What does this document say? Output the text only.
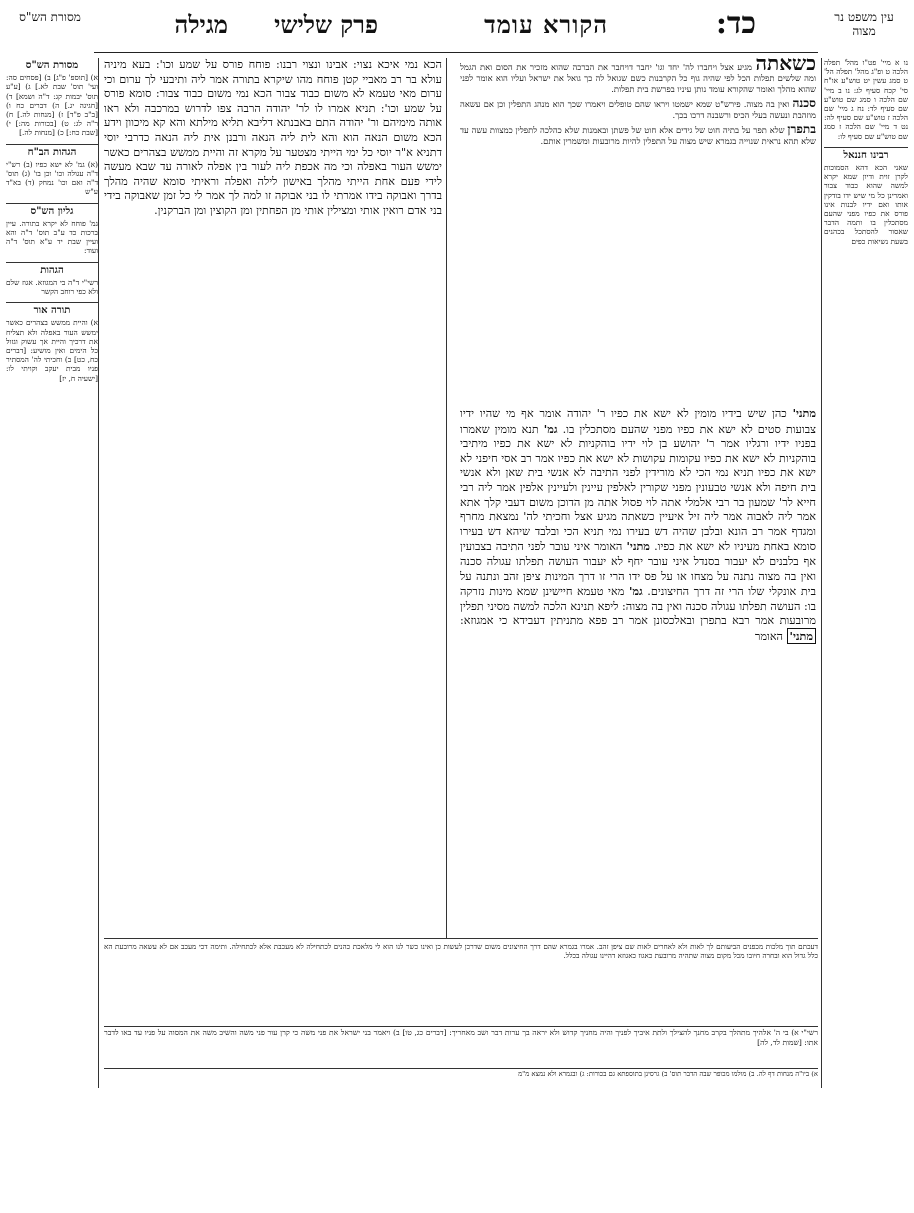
עין משפט נר מצוה
כד:
הקורא עומד
פרק שלישי
מגילה
מסורת הש"ס

נו א מיי' פט"ו מהל' תפלה הלכה ט ופ"ג מהל' תפלה הל' ט סמג עשין יט טוש"ע או"ח סי' קכח סעיף לג: נו ב מיי' שם הלכה ו סמג שם טוש"ע שם סעיף לד: נח ג מיי' שם הלכה ז טוש"ע שם סעיף לה: נט ד מיי' שם הלכה ז סמג שם טוש"ע שם סעיף לו:

רבינו חננאל

שאני הכא דהא הסמוכות לקרן זוית ודיון שמא יקרא למשה שהוא כבוד צבור ואמרינן כל מי שיש ידו בודקין אותו ואם ידיו לבנות אינו פורס את כפיו מפני שהעם מסתכלין בו ותמה הדבר שאסור להסתכל בכהנים בשעת נשיאות כפים

מסורת הש"ס

א) [תוספ' פ"ג] ב) [פסחים סה: ועי' תוס' שבת לא.] ג) [ע"ע תוס' יבמות קג: ד"ה ושמא] ד) [חגיגה יג.] ה) דברים כח ו) [ב"ב פ"ד] ז) [מנחות לה.] ח) ר"ה לג: ט) [בכורות מה:] י) [שבת כח:] כ) [מנחות לה.]

הגהות הב"ח

(א) גמ' לא ישא כפיו (ב) רש"י ד"ה עגולה וכו' וכן בו' (ג) תוס' ד"ה ואם וכו' נמחק (ד) בא"ד ע"ש

גליון הש"ס

גמ' פוחח לא יקרא בתורה. עיין ברכות כד ע"ב תוס' ד"ה והא ועיין שבת יד ע"א תוס' ד"ה ועוד:

הגהות

רשי"י ד"ה בי המגוזא. אגוז שלם ולא כפי רוחב הקשר

תורה אור

א) והיית ממשש בצהרים כאשר ימשש העור באפלה ולא תצליח את דרכיך והיית אך עשוק וגזול כל הימים ואין מושיע: [דברים כח, כט] ב) וחכיתי לה' המסתיר פניו מבית יעקב וקויתי לו: [ישעיה ח, יז]

כשאתה מגיע אצל ויחברו לה' יחד וגו' יחבר דויחבר את הברכה שהוא מזכיר את הסום ואת הגמל ומה שלשים תפלות הכל לפי שהיה גוף כל הקרבנות כשם שגואל לה כך גואל את ישראל ועליו הוא אומר לפני שהוא מהלך ואומר שהקורא עומד נותן עיניו בפרשת בית תפלות.

סכנה ואין בה מצוה. פירש"ט שמא ישמטו ויראו שהם טופלים ויאמרו שכך הוא מנהג התפלין וכן אם עשאה מוזהבת ונעשה בעלי הכיס ורשבנה דרכו בכך.

בתפרן שלא תפר על בתיה חוט של גידים אלא חוט של פשתן ובאמנות שלא כהלכה לתפלין כמצוות עשה עד שלא תהא נראית שנוייה בגמרא שיש מצוה על התפלין להיות מרובעות ומשמרין אותם.

מתני' כהן שיש בידיו מומין לא ישא את כפיו ר' יהודה אומר אף מי שהיו ידיו צבועות סטים לא ישא את כפיו מפני שהעם מסתכלין בו. גמ' תנא מומין שאמרו בפניו ידיו ורגליו אמר ר' יהושע בן לוי ידיו בוהקניות לא ישא את כפיו מיתיבי בוהקניות לא ישא את כפיו עקומות עקושות לא ישא את כפיו אמר רב אסי חיפני לא ישא את כפיו תניא נמי הכי לא מורידין לפני התיבה לא אנשי בית שאן ולא אנשי בית חיפה ולא אנשי טבעונין מפני שקורין לאלפין עיינין ולעיינין אלפין אמר ליה רבי חייא לר' שמעון בר רבי אלמלי אתה לוי פסול אתה מן הדוכן משום דעבי קלך אתא אמר ליה לאבוה אמר ליה זיל איעיין כשאתה מגיע אצל וחכיתי לה' נמצאת מחרף ומגדף אמר רב הונא ובלבן שהיה דש בעירו נמי תניא הכי ובלבד שיהא דש בעירו סומא באחת מעיניו לא ישא את כפיו. מתני' האומר איני עובר לפני התיבה בצבועין אף בלבנים לא יעבור בסנדל איני עובר יחף לא יעבור העושה תפלתו עגולה סכנה ואין בה מצוה נתנה על מצחו או על פס ידו הרי זו דרך המינות ציפן זהב ונתנה על בית אונקלי שלו הרי זה דרך החיצונים. גמ' מאי טעמא חיישינן שמא מינות נזרקה בו: העושה תפלתו עגולה סכנה ואין בה מצוה: ליפא תנינא הלכה למשה מסיני תפלין מרובעות אמר רבא בתפרן ובאלכסונן אמר רב פפא מתניתין דעבידא כי אמגוזא: מתני' האומר

הכא נמי איכא נצוי: אבינו ונצוי רבנו: פוחח פורס על שמע וכו': בעא מיניה עולא בר רב מאביי קטן פוחח מהו שיקרא בתורה אמר ליה ותיבעי לך ערום וכי ערום מאי טעמא לא משום כבוד צבור הכא נמי משום כבוד צבור: סומא פורס על שמע וכו': תניא אמרו לו לר' יהודה הרבה צפו לדרוש במרכבה ולא ראו אותה מימיהם ור' יהודה התם באבנתא דליבא תליא מילתא והא קא מיכוון וידע הכא משום הנאה הוא והא לית ליה הנאה ורבנן אית ליה הנאה כדרבי יוסי דתניא א"ר יוסי כל ימי הייתי מצטער על מקרא זה והיית ממשש בצהרים כאשר ימשש העור באפלה וכי מה אכפת ליה לעור בין אפלה לאורה עד שבא מעשה לידי פעם אחת הייתי מהלך באישון לילה ואפלה וראיתי סומא שהיה מהלך בדרך ואבוקה בידו אמרתי לו בני אבוקה זו למה לך אמר לי כל זמן שאבוקה בידי בני אדם רואין אותי ומצילין אותי מן הפחתין ומן הקוצין ומן הברקנין.

דעכתם תוך מלכות מכפנים הביעותם לך לאות ולא לאחרים לאות שם ציפן זהב. אמרו בגמרא שהם דרך החיצונים משום שדרכן לעשות כן ואינו כשר לנו הוא לי מלאכת כהנים לכתחילה לא מעכבת אלא לכתחילה. ותימה דכי מעכב אם לא עשאה מרובעת הא כלל גדול הוא ובחרה חיובו מכל מקום מצוה שתהיה מרובעת כאגוז כאגוזא דהיינו עגולה בכלל.
רשי"י א) בי ה' אלהיך מתהלך בקרב מחנך להצילך ולתת איביך לפניך והיה מחניך קדוש ולא יראה בך ערות דבר ושב מאחריך: [דברים כג, טו] ב) ויאמר בני ישראל את פני משה כי קרן עור פני משה והשיב משה את המסוה על פניו עד באו לדבר אתו: [שמות לד, לה]
א) ביו"ה מנחות דף לה. ב) מולמו מכופר שבה הדבר תוס' ב) גרסינן בתוספתא גם בכורות: ג) ובגמרא ולא נמצא מ"מ
